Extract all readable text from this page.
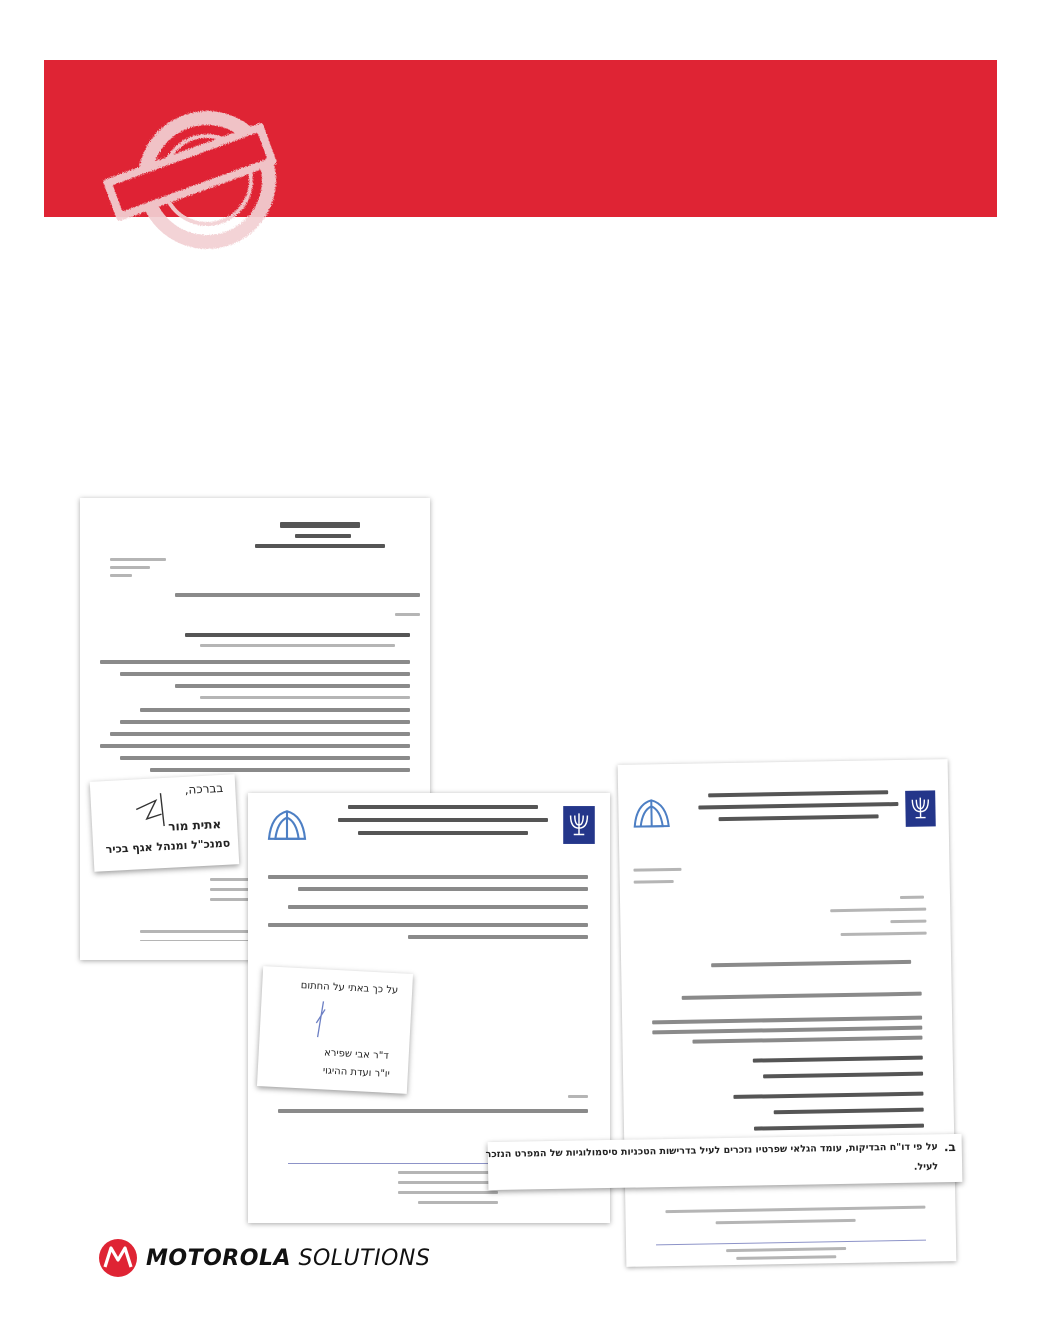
בברכה,
אתית מור
סמנכ"ל ומנהל אגף בכיר
על כך באתי על החתום
ד"ר אבי שפירא
יו"ר ועדת ההיגוי
ב.
על פי דו"ח הבדיקות, עומד הגלאי שפרטיו נזכרים לעיל בדרישות הטכניות סיסמולוגיות של המפרט הנזכר
לעיל.
MOTOROLA SOLUTIONS
